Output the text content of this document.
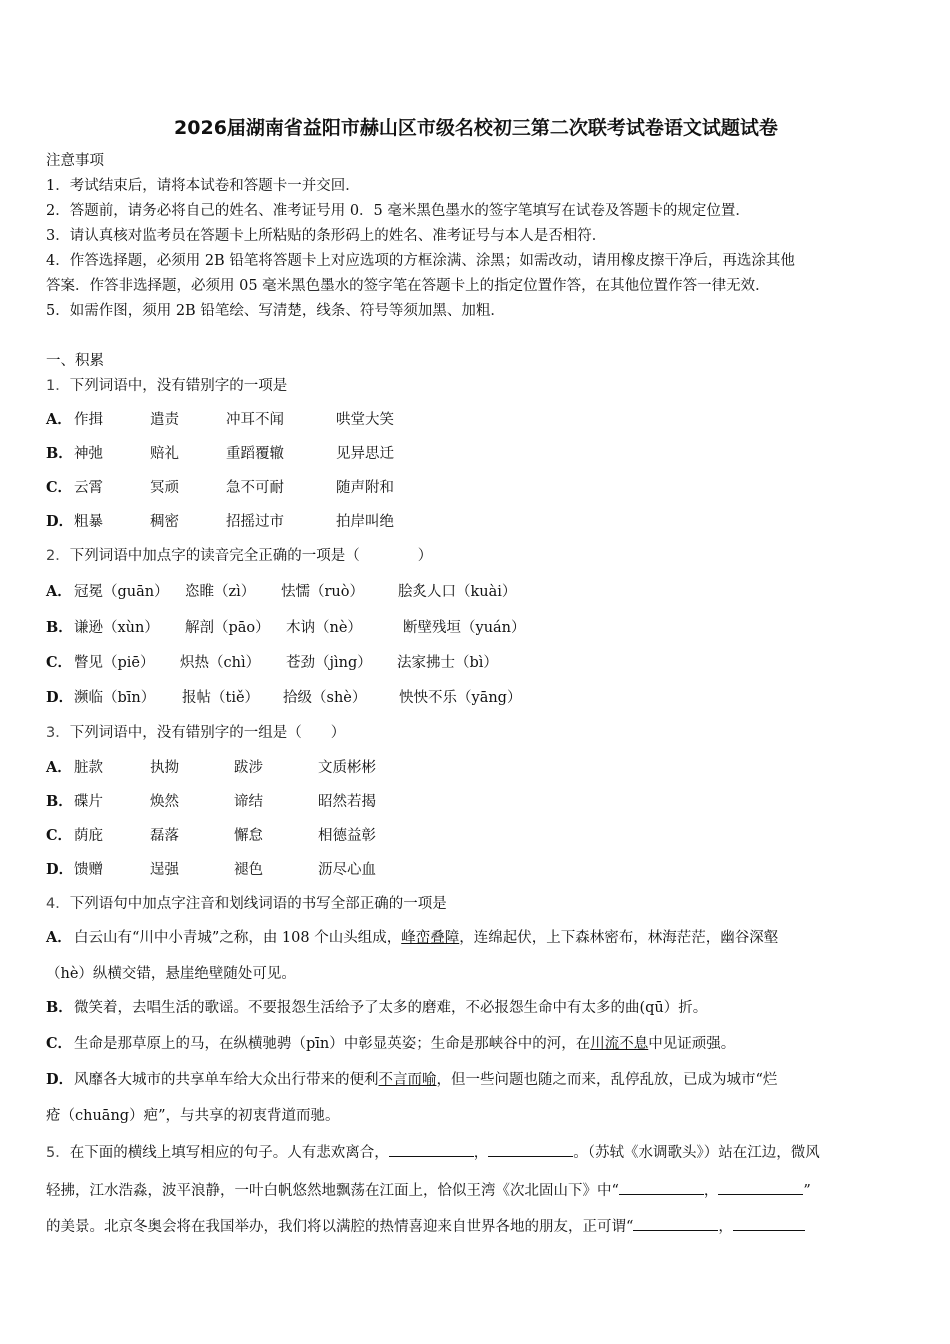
2026届湖南省益阳市赫山区市级名校初三第二次联考试卷语文试题试卷
注意事项
1．考试结束后，请将本试卷和答题卡一并交回．
2．答题前，请务必将自己的姓名、准考证号用 0．5 毫米黑色墨水的签字笔填写在试卷及答题卡的规定位置．
3．请认真核对监考员在答题卡上所粘贴的条形码上的姓名、准考证号与本人是否相符．
4．作答选择题，必须用 2B 铅笔将答题卡上对应选项的方框涂满、涂黑；如需改动，请用橡皮擦干净后，再选涂其他
答案．作答非选择题，必须用 05 毫米黑色墨水的签字笔在答题卡上的指定位置作答，在其他位置作答一律无效．
5．如需作图，须用 2B 铅笔绘、写清楚，线条、符号等须加黑、加粗．
一、积累
1．下列词语中，没有错别字的一项是
A． 作揖	遣责	冲耳不闻	哄堂大笑
B．神弛	赔礼	重蹈覆辙	见异思迁
C． 云霄	冥顽	急不可耐	随声附和
D．粗暴	稠密	招摇过市	拍岸叫绝
2．下列词语中加点字的读音完全正确的一项是（　　　　）
A． 冠冕（guān） 恣睢（zì） 怯懦（ruò） 脍炙人口（kuài）
B．谦逊（xùn） 解剖（pāo） 木讷（nè）	断壁残垣（yuán）
C． 瞥见（piē） 炽热（chì） 苍劲（jìng） 法家拂士（bì）
D．濒临（bīn） 报帖（tiě） 拾级（shè） 怏怏不乐（yāng）
3．下列词语中，没有错别字的一组是（　　）
A． 脏款	执拗	跋涉	文质彬彬
B．碟片	焕然	谛结	昭然若揭
C． 荫庇	磊落	懈怠	相德益彰
D．馈赠	逞强	褪色	沥尽心血
4．下列语句中加点字注音和划线词语的书写全部正确的一项是
A． 白云山有“川中小青城”之称，由 108 个山头组成，峰峦叠障，连绵起伏，上下森林密布，林海茫茫，幽谷深壑
（hè）纵横交错，悬崖绝壁随处可见。
B．微笑着，去唱生活的歌谣。不要报怨生活给予了太多的磨难，不必报怨生命中有太多的曲(qū）折。
C． 生命是那草原上的马，在纵横驰骋（pīn）中彰显英姿；生命是那峡谷中的河，在川流不息中见证顽强。
D．风靡各大城市的共享单车给大众出行带来的便利不言而喻，但一些问题也随之而来，乱停乱放，已成为城市“烂
疮（chuāng）疤”，与共享的初衷背道而驰。
5．在下面的横线上填写相应的句子。人有悲欢离合，	，	。（苏轼《水调歌头》）站在江边，微风
轻拂，江水浩淼，波平浪静，一叶白帆悠然地飘荡在江面上，恰似王湾《次北固山下》中“	，	”
的美景。北京冬奥会将在我国举办，我们将以满腔的热情喜迎来自世界各地的朋友，正可谓“	，
